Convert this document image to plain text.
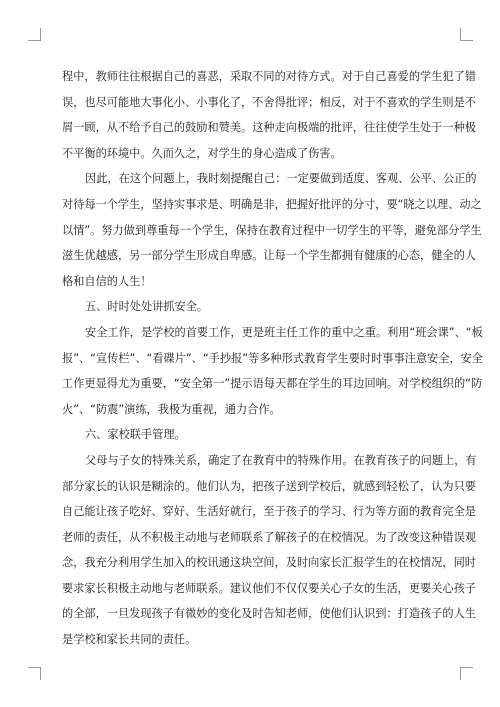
程中，教师往往根据自己的喜恶，采取不同的对待方式。对于自己喜爱的学生犯了错
误，也尽可能地大事化小、小事化了，不舍得批评；相反，对于不喜欢的学生则是不
屑一顾，从不给予自己的鼓励和赞美。这种走向极端的批评，往往使学生处于一种极
不平衡的环境中。久而久之，对学生的身心造成了伤害。
因此，在这个问题上，我时刻提醒自己：一定要做到适度、客观、公平、公正的
对待每一个学生，坚持实事求是、明确是非，把握好批评的分寸，要“晓之以理、动之
以情”。努力做到尊重每一个学生，保持在教育过程中一切学生的平等，避免部分学生
滋生优越感，另一部分学生形成自卑感。让每一个学生都拥有健康的心态，健全的人
格和自信的人生！
五、时时处处讲抓安全。
安全工作，是学校的首要工作，更是班主任工作的重中之重。利用“班会课”、“板
报”、“宣传栏”、“看碟片”、“手抄报”等多种形式教育学生要时时事事注意安全，安全
工作更显得尤为重要，“安全第一”提示语每天都在学生的耳边回响。对学校组织的“防
火”、“防震”演练，我极为重视，通力合作。
六、家校联手管理。
父母与子女的特殊关系，确定了在教育中的特殊作用。在教育孩子的问题上，有
部分家长的认识是糊涂的。他们认为，把孩子送到学校后，就感到轻松了，认为只要
自己能让孩子吃好、穿好、生活好就行，至于孩子的学习、行为等方面的教育完全是
老师的责任，从不积极主动地与老师联系了解孩子的在校情况。为了改变这种错误观
念，我充分利用学生加入的校讯通这块空间，及时向家长汇报学生的在校情况，同时
要求家长积极主动地与老师联系。建议他们不仅仅要关心子女的生活，更要关心孩子
的全部，一旦发现孩子有微妙的变化及时告知老师，使他们认识到：打造孩子的人生
是学校和家长共同的责任。
